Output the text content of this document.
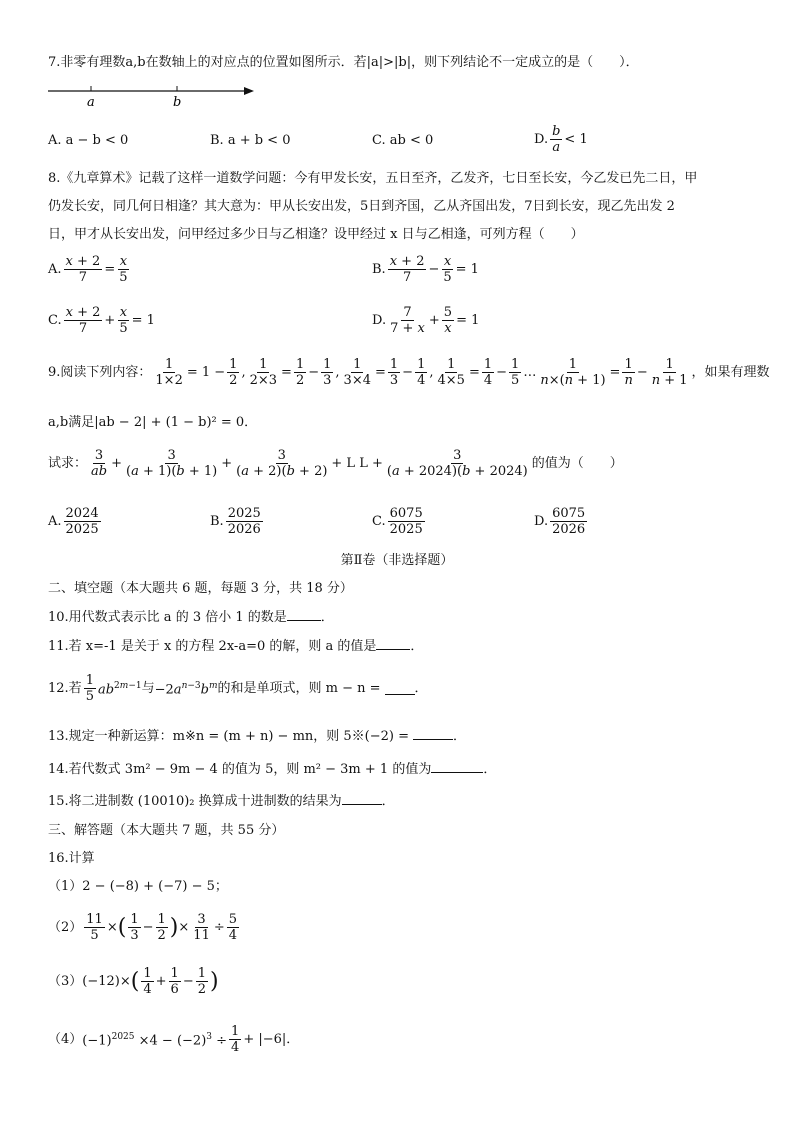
7.非零有理数a,b在数轴上的对应点的位置如图所示．若|a|>|b|，则下列结论不一定成立的是（　　）．
a	b
A. a − b < 0	B. a + b < 0	C. ab < 0	D. $\frac{b}{a} < 1$
8.《九章算术》记载了这样一道数学问题：今有甲发长安，五日至齐，乙发齐，七日至长安，今乙发已先二日，甲
仍发长安，同几何日相逢？其大意为：甲从长安出发，5日到齐国，乙从齐国出发，7日到长安，现乙先出发 2
日，甲才从长安出发，问甲经过多少日与乙相逢？设甲经过 x 日与乙相逢，可列方程（　　）
A. $\frac{x + 2}{7} = \frac{x}{5}$	B. $\frac{x + 2}{7} - \frac{x}{5} = 1$
C. $\frac{x + 2}{7} + \frac{x}{5} = 1$	D. $\frac{7}{7 + x} + \frac{5}{x} = 1$
9.阅读下列内容： $\frac{1}{1\times 2} = 1 - \frac{1}{2}$ , $\frac{1}{2\times 3} = \frac{1}{2} - \frac{1}{3}$ , $\frac{1}{3\times 4} = \frac{1}{3} - \frac{1}{4}$ , $\frac{1}{4\times 5} = \frac{1}{4} - \frac{1}{5}$ … $\frac{1}{n\times(n + 1)} = \frac{1}{n} - \frac{1}{n + 1}$ ，如果有理数
a,b满足|ab − 2| + (1 − b)² = 0．
试求： $\frac{3}{ab} + \frac{3}{(a + 1)(b + 1)} + \frac{3}{(a + 2)(b + 2)} + L$ $L + \frac{3}{(a + 2024)(b + 2024)}$ 的值为（　　）
A. $\frac{2024}{2025}$	B. $\frac{2025}{2026}$	C. $\frac{6075}{2025}$	D. $\frac{6075}{2026}$
第Ⅱ卷（非选择题）
二、填空题（本大题共 6 题，每题 3 分，共 18 分）
10.用代数式表示比 a 的 3 倍小 1 的数是	．
11.若 x=-1 是关于 x 的方程 2x-a=0 的解，则 a 的值是	．
12.若 $\frac{1}{5} ab^{2m-1}$ 与 $-2a^{n-3}b^m$ 的和是单项式，则 m − n =	．
13.规定一种新运算：m※n = (m + n) − mn，则 5※(−2) =	．
14.若代数式 3m² − 9m − 4 的值为 5，则 m² − 3m + 1 的值为	．
15.将二进制数 (10010)₂ 换算成十进制数的结果为	．
三、解答题（本大题共 7 题，共 55 分）
16.计算
（1）2 − (−8) + (−7) − 5；
$(2) \frac{11}{5}$ × ( $\frac{1}{3} - \frac{1}{2}$ ) × $\frac{3}{11} \div \frac{5}{4}$
（3） (−12)× ( $\frac{1}{4} + \frac{1}{6} - \frac{1}{2}$ )
（4） $(-1)^{2025} \times 4 - (-2)^3 \div \frac{1}{4} + |-6|$ ．
